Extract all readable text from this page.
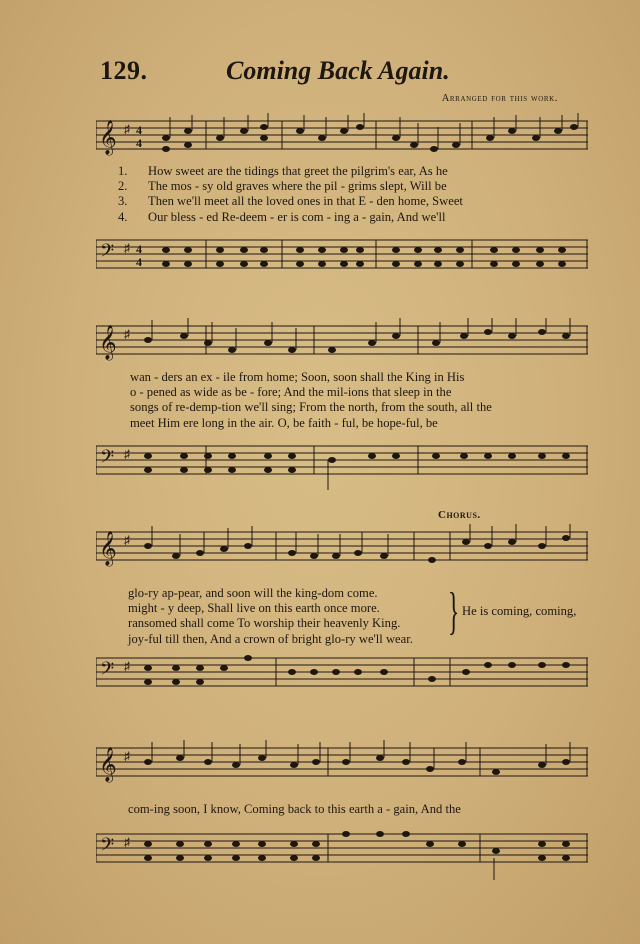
129.	Coming Back Again.
Arranged for this work.
𝄞 ♯ 4
4
1.	How sweet are the tidings that greet the pilgrim's ear, As he
2.	The mos - sy old graves where the pil - grims slept, Will be
3.	Then we'll meet all the loved ones in that E - den home, Sweet
4.	Our bless - ed Re-deem - er is com - ing a - gain, And we'll
𝄢 ♯ 4
4
𝄞 ♯
wan - ders an ex - ile from home; Soon, soon shall the King in His
o - pened as wide as be - fore; And the mil-ions that sleep in the
songs of re-demp-tion we'll sing; From the north, from the south, all the
meet Him ere long in the air. O, be faith - ful, be hope-ful, be
𝄢 ♯
Chorus.
𝄞 ♯
glo-ry ap-pear, and soon will the king-dom come.
might - y deep, Shall live on this earth once more.
ransomed shall come To worship their heavenly King.
joy-ful till then, And a crown of bright glo-ry we'll wear. } He is coming, coming,
𝄢 ♯
𝄞 ♯
com-ing soon, I know, Coming back to this earth a - gain, And the
𝄢 ♯
